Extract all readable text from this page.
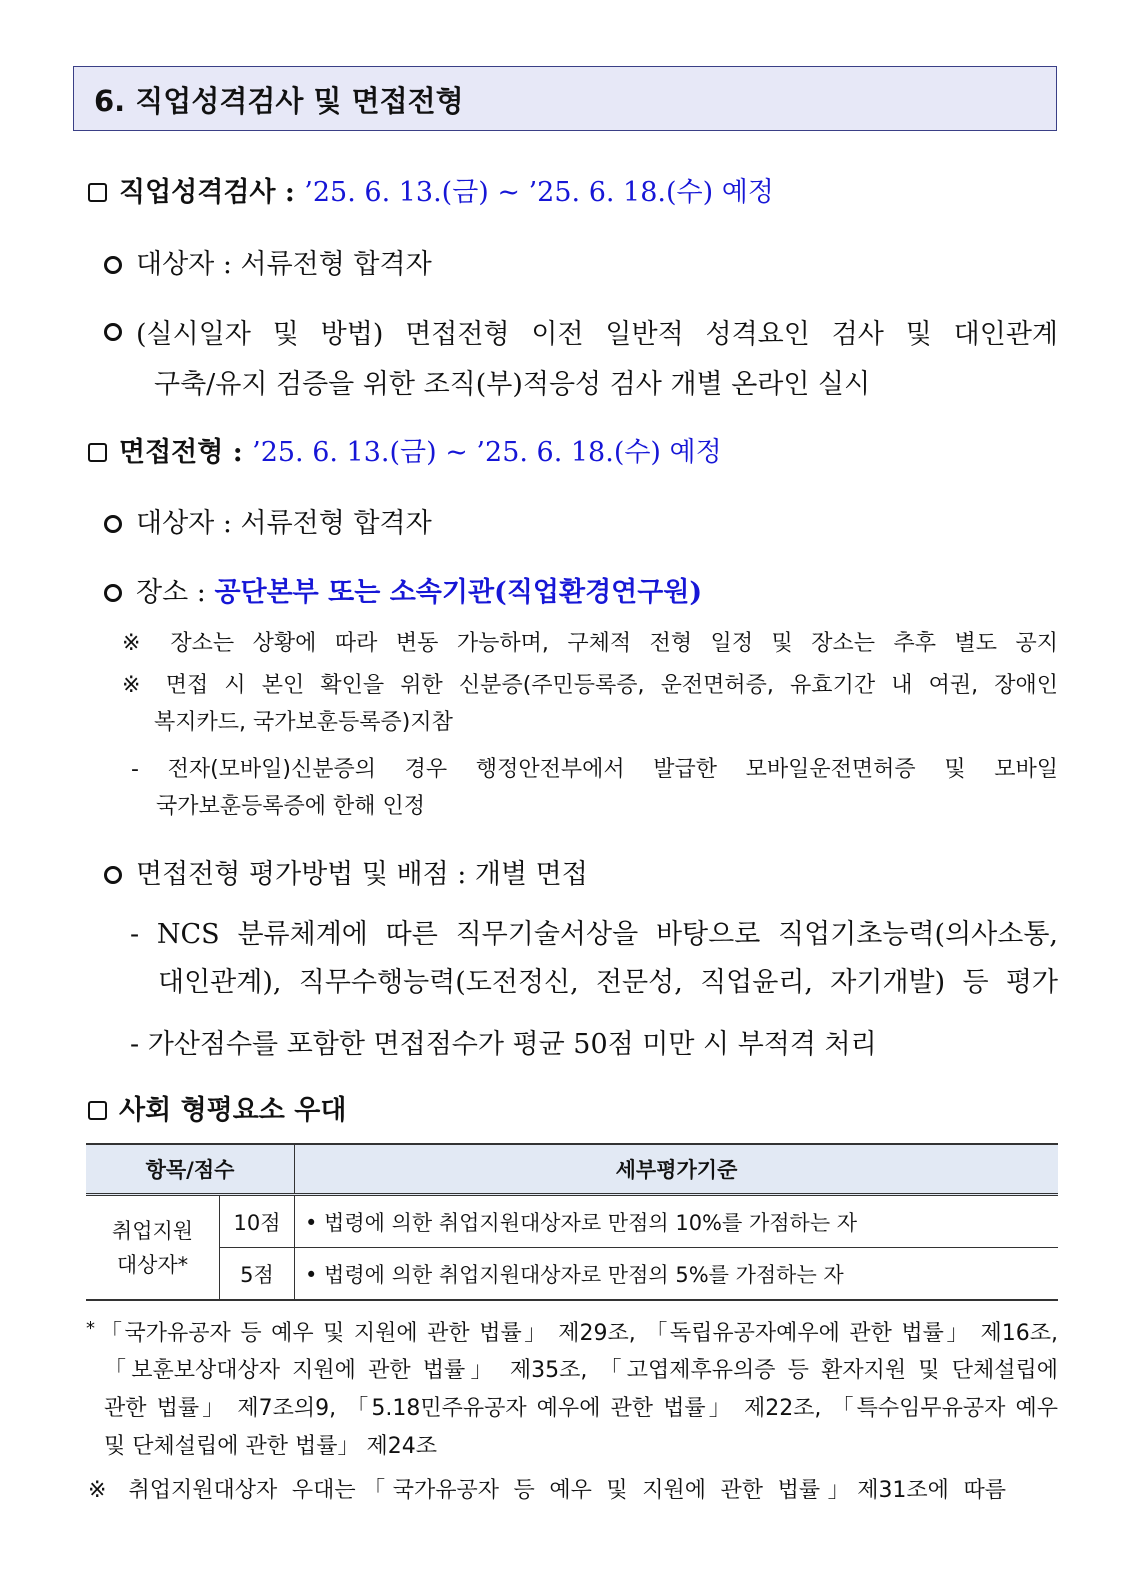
6. 직업성격검사 및 면접전형
직업성격검사 : ’25. 6. 13.(금) ~ ’25. 6. 18.(수) 예정
대상자 : 서류전형 합격자
(실시일자 및 방법) 면접전형 이전 일반적 성격요인 검사 및 대인관계
구축/유지 검증을 위한 조직(부)적응성 검사 개별 온라인 실시
면접전형 : ’25. 6. 13.(금) ~ ’25. 6. 18.(수) 예정
대상자 : 서류전형 합격자
장소 : 공단본부 또는 소속기관(직업환경연구원)
※ 장소는 상황에 따라 변동 가능하며, 구체적 전형 일정 및 장소는 추후 별도 공지
※ 면접 시 본인 확인을 위한 신분증(주민등록증, 운전면허증, 유효기간 내 여권, 장애인
복지카드, 국가보훈등록증)지참
- 전자(모바일)신분증의 경우 행정안전부에서 발급한 모바일운전면허증 및 모바일
국가보훈등록증에 한해 인정
면접전형 평가방법 및 배점 : 개별 면접
- NCS 분류체계에 따른 직무기술서상을 바탕으로 직업기초능력(의사소통,
대인관계), 직무수행능력(도전정신, 전문성, 직업윤리, 자기개발) 등 평가
- 가산점수를 포함한 면접점수가 평균 50점 미만 시 부적격 처리
사회 형평요소 우대
항목/점수		세부평가기준
취업지원 대상자*	10점	• 법령에 의한 취업지원대상자로 만점의 10%를 가점하는 자
	5점	• 법령에 의한 취업지원대상자로 만점의 5%를 가점하는 자
* 「국가유공자 등 예우 및 지원에 관한 법률」 제29조, 「독립유공자예우에 관한 법률」 제16조,
「보훈보상대상자 지원에 관한 법률」 제35조, 「고엽제후유의증 등 환자지원 및 단체설립에
관한 법률」 제7조의9, 「5.18민주유공자 예우에 관한 법률」 제22조, 「특수임무유공자 예우
및 단체설립에 관한 법률」 제24조
※ 취업지원대상자 우대는「국가유공자 등 예우 및 지원에 관한 법률」제31조에 따름
